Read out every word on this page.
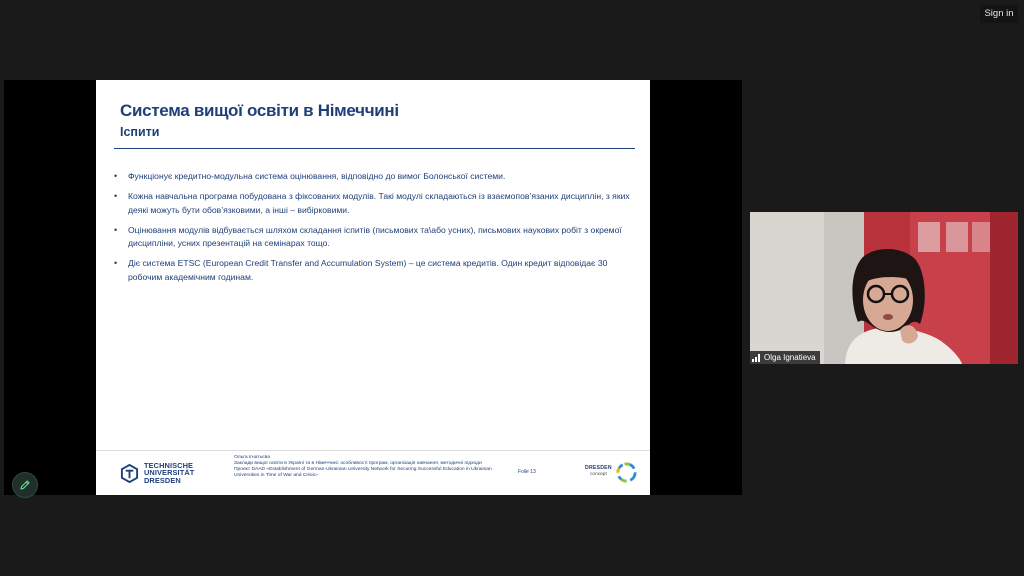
Sign in
Система вищої освіти в Німеччині
Іспити
• Функціонує кредитно-модульна система оцінювання, відповідно до вимог Болонської системи.
• Кожна навчальна програма побудована з фіксованих модулів. Такі модулі складаються із взаємопов’язаних дисциплін, з яких деякі можуть бути обов’язковими, а інші – вибірковими.
• Оцінювання модулів відбувається шляхом складання іспитів (письмових та\або усних), письмових наукових робіт з окремої дисципліни, усних презентацій на семінарах тощо.
• Діє система ETSC (European Credit Transfer and Accumulation System) – це система кредитів. Один кредит відповідає 30 робочим академічним годинам.
TECHNISCHE
UNIVERSITÄT
DRESDEN
Ольга Ігнатьєва
Заклади вищої освіти в Україні та в Німеччині: особливості програм, організація навчання, методичні підходи
Проект DAAD «Establishment of German-Ukrainian University Network for Securing Successful Education in Ukrainian Universities in Time of War and Crisis»
Folie 13
DRESDEN
concept
Olga Ignatieva
